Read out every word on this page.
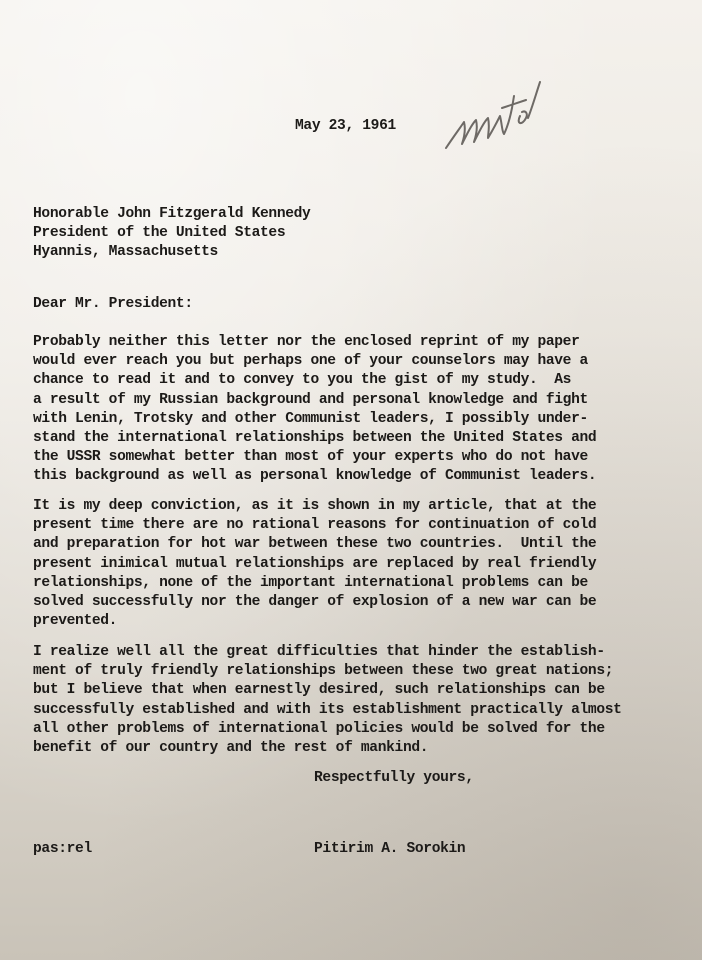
May 23, 1961
Honorable John Fitzgerald Kennedy
President of the United States
Hyannis, Massachusetts
Dear Mr. President:
Probably neither this letter nor the enclosed reprint of my paper
would ever reach you but perhaps one of your counselors may have a
chance to read it and to convey to you the gist of my study.  As
a result of my Russian background and personal knowledge and fight
with Lenin, Trotsky and other Communist leaders, I possibly under-
stand the international relationships between the United States and
the USSR somewhat better than most of your experts who do not have
this background as well as personal knowledge of Communist leaders.
It is my deep conviction, as it is shown in my article, that at the
present time there are no rational reasons for continuation of cold
and preparation for hot war between these two countries.  Until the
present inimical mutual relationships are replaced by real friendly
relationships, none of the important international problems can be
solved successfully nor the danger of explosion of a new war can be
prevented.
I realize well all the great difficulties that hinder the establish-
ment of truly friendly relationships between these two great nations;
but I believe that when earnestly desired, such relationships can be
successfully established and with its establishment practically almost
all other problems of international policies would be solved for the
benefit of our country and the rest of mankind.
Respectfully yours,
pas:rel	Pitirim A. Sorokin
